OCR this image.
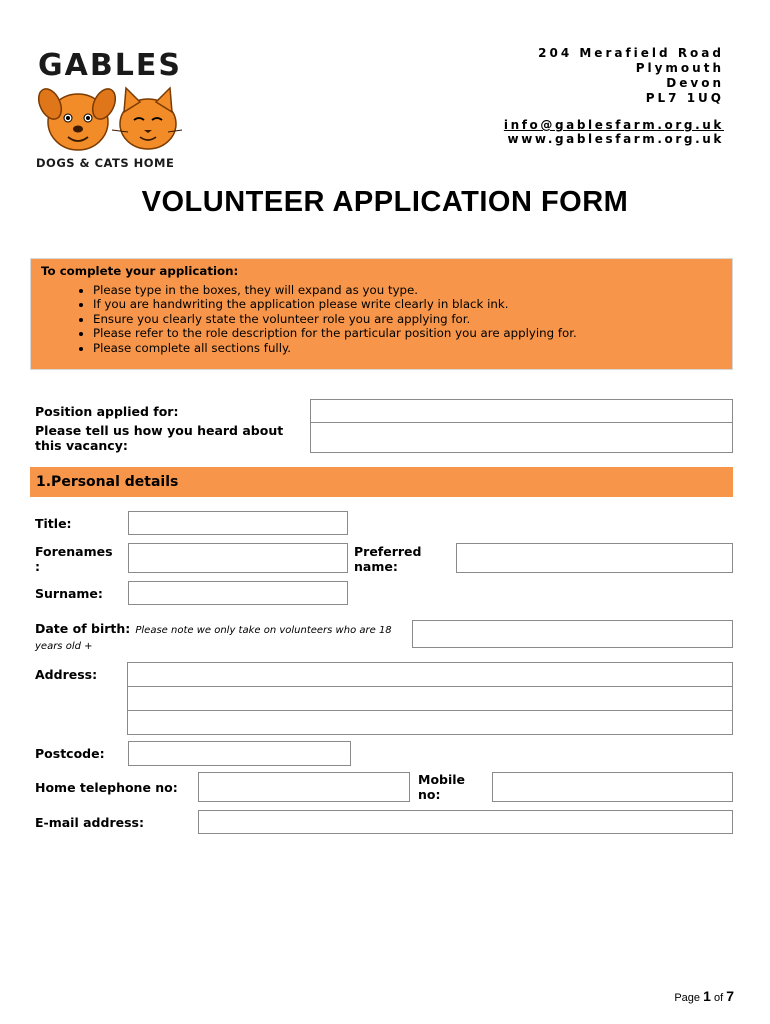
GABLES
DOGS & CATS HOME
204 Merafield Road
Plymouth
Devon
PL7 1UQ
info@gablesfarm.org.uk
www.gablesfarm.org.uk
VOLUNTEER APPLICATION FORM
To complete your application:
• Please type in the boxes, they will expand as you type.
• If you are handwriting the application please write clearly in black ink.
• Ensure you clearly state the volunteer role you are applying for.
• Please refer to the role description for the particular position you are applying for.
• Please complete all sections fully.
Position applied for:
Please tell us how you heard about this vacancy:
1.Personal details
Title:
Forenames :
Preferred name:
Surname:
Date of birth: Please note we only take on volunteers who are 18 years old +
Address:
Postcode:
Home telephone no:
Mobile no:
E-mail address:
Page 1 of 7
